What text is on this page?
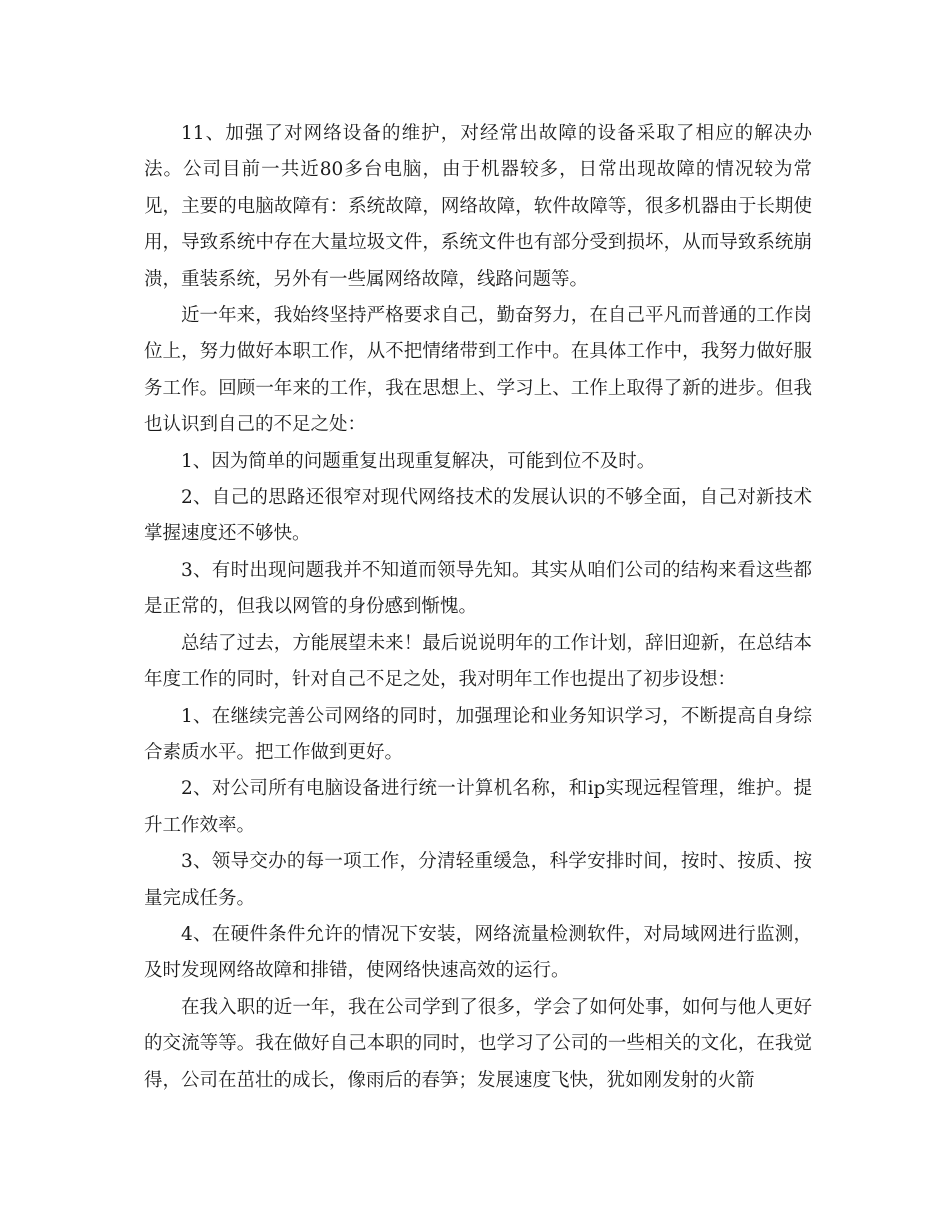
11、加强了对网络设备的维护，对经常出故障的设备采取了相应的解决办法。公司目前一共近80多台电脑，由于机器较多，日常出现故障的情况较为常见，主要的电脑故障有：系统故障，网络故障，软件故障等，很多机器由于长期使用，导致系统中存在大量垃圾文件，系统文件也有部分受到损坏，从而导致系统崩溃，重装系统，另外有一些属网络故障，线路问题等。

近一年来，我始终坚持严格要求自己，勤奋努力，在自己平凡而普通的工作岗位上，努力做好本职工作，从不把情绪带到工作中。在具体工作中，我努力做好服务工作。回顾一年来的工作，我在思想上、学习上、工作上取得了新的进步。但我也认识到自己的不足之处：

1、因为简单的问题重复出现重复解决，可能到位不及时。

2、自己的思路还很窄对现代网络技术的发展认识的不够全面，自己对新技术掌握速度还不够快。

3、有时出现问题我并不知道而领导先知。其实从咱们公司的结构来看这些都是正常的，但我以网管的身份感到惭愧。

总结了过去，方能展望未来！最后说说明年的工作计划，辞旧迎新，在总结本年度工作的同时，针对自己不足之处，我对明年工作也提出了初步设想：

1、在继续完善公司网络的同时，加强理论和业务知识学习，不断提高自身综合素质水平。把工作做到更好。

2、对公司所有电脑设备进行统一计算机名称，和ip实现远程管理，维护。提升工作效率。

3、领导交办的每一项工作，分清轻重缓急，科学安排时间，按时、按质、按量完成任务。

4、在硬件条件允许的情况下安装，网络流量检测软件，对局域网进行监测，及时发现网络故障和排错，使网络快速高效的运行。

在我入职的近一年，我在公司学到了很多，学会了如何处事，如何与他人更好的交流等等。我在做好自己本职的同时，也学习了公司的一些相关的文化，在我觉得，公司在茁壮的成长，像雨后的春笋；发展速度飞快，犹如刚发射的火箭
